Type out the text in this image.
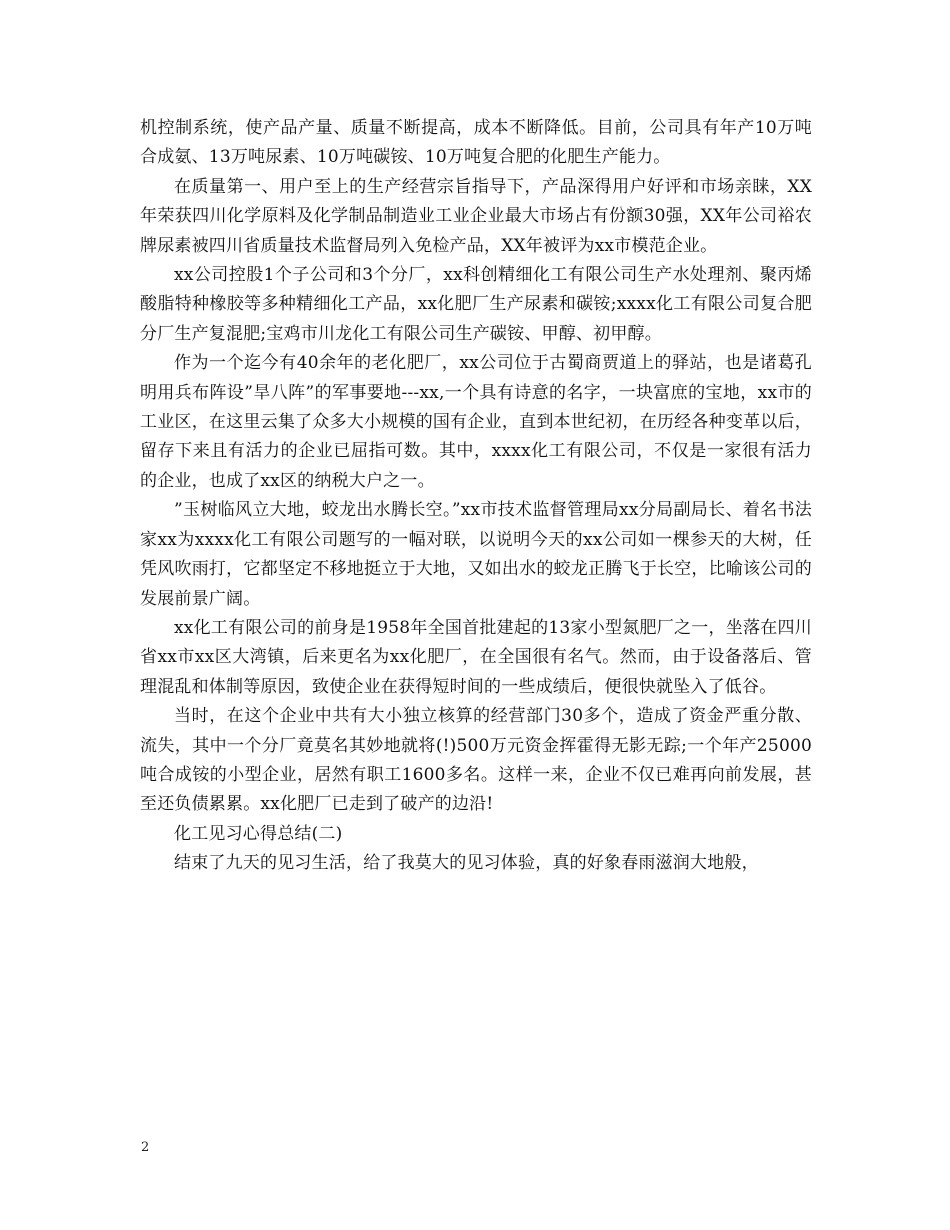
机控制系统，使产品产量、质量不断提高，成本不断降低。目前，公司具有年产10万吨合成氨、13万吨尿素、10万吨碳铵、10万吨复合肥的化肥生产能力。

在质量第一、用户至上的生产经营宗旨指导下，产品深得用户好评和市场亲睐，XX年荣获四川化学原料及化学制品制造业工业企业最大市场占有份额30强，XX年公司裕农牌尿素被四川省质量技术监督局列入免检产品，XX年被评为xx市模范企业。

xx公司控股1个子公司和3个分厂，xx科创精细化工有限公司生产水处理剂、聚丙烯酸脂特种橡胶等多种精细化工产品，xx化肥厂生产尿素和碳铵;xxxx化工有限公司复合肥分厂生产复混肥;宝鸡市川龙化工有限公司生产碳铵、甲醇、初甲醇。

作为一个迄今有40余年的老化肥厂，xx公司位于古蜀商贾道上的驿站，也是诸葛孔明用兵布阵设”旱八阵”的军事要地---xx,一个具有诗意的名字，一块富庶的宝地，xx市的工业区，在这里云集了众多大小规模的国有企业，直到本世纪初，在历经各种变革以后，留存下来且有活力的企业已屈指可数。其中，xxxx化工有限公司，不仅是一家很有活力的企业，也成了xx区的纳税大户之一。

”玉树临风立大地，蛟龙出水腾长空。”xx市技术监督管理局xx分局副局长、着名书法家xx为xxxx化工有限公司题写的一幅对联，以说明今天的xx公司如一棵参天的大树，任凭风吹雨打，它都坚定不移地挺立于大地，又如出水的蛟龙正腾飞于长空，比喻该公司的发展前景广阔。

xx化工有限公司的前身是1958年全国首批建起的13家小型氮肥厂之一，坐落在四川省xx市xx区大湾镇，后来更名为xx化肥厂，在全国很有名气。然而，由于设备落后、管理混乱和体制等原因，致使企业在获得短时间的一些成绩后，便很快就坠入了低谷。

当时，在这个企业中共有大小独立核算的经营部门30多个，造成了资金严重分散、流失，其中一个分厂竟莫名其妙地就将(!)500万元资金挥霍得无影无踪;一个年产25000吨合成铵的小型企业，居然有职工1600多名。这样一来，企业不仅已难再向前发展，甚至还负债累累。xx化肥厂已走到了破产的边沿!

化工见习心得总结(二)

结束了九天的见习生活，给了我莫大的见习体验，真的好象春雨滋润大地般，

2
